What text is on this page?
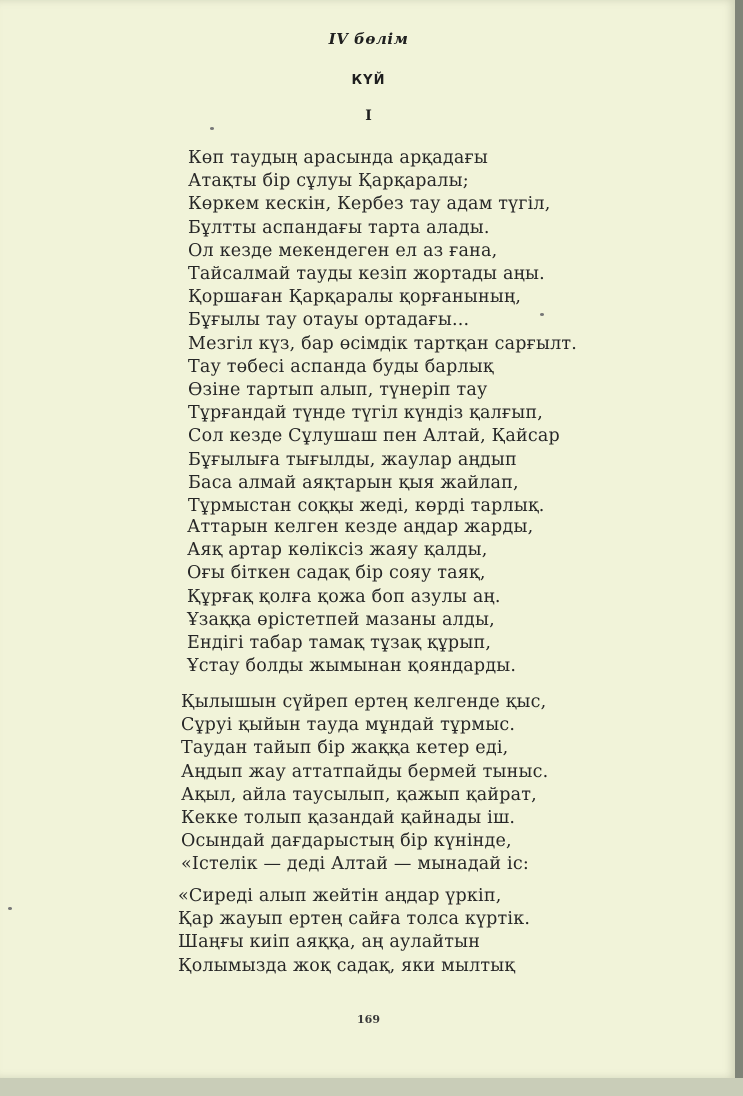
IV бөлім
КҮЙ
I
Көп таудың арасында арқадағы
Атақты бір сұлуы Қарқаралы;
Көркем кескін, Кербез тау адам түгіл,
Бұлтты аспандағы тарта алады.
Ол кезде мекендеген ел аз ғана,
Тайсалмай тауды кезіп жортады аңы.
Қоршаған Қарқаралы қорғанының,
Бұғылы тау отауы ортадағы...
Мезгіл күз, бар өсімдік тартқан сарғылт.
Тау төбесі аспанда буды барлық
Өзіне тартып алып, түнеріп тау
Тұрғандай түнде түгіл күндіз қалғып,
Сол кезде Сұлушаш пен Алтай, Қайсар
Бұғылыға тығылды, жаулар аңдып
Баса алмай аяқтарын қыя жайлап,
Тұрмыстан соққы жеді, көрді тарлық.
Аттарын келген кезде аңдар жарды,
Аяқ артар көліксіз жаяу қалды,
Оғы біткен садақ бір сояу таяқ,
Құрғақ қолға қожа боп азулы аң.
Ұзаққа өрістетпей мазаны алды,
Ендігі табар тамақ тұзақ құрып,
Ұстау болды жымынан қояндарды.
Қылышын сүйреп ертең келгенде қыс,
Сұруі қыйын тауда мұндай тұрмыс.
Таудан тайып бір жаққа кетер еді,
Аңдып жау аттатпайды бермей тыныс.
Ақыл, айла таусылып, қажып қайрат,
Кекке толып қазандай қайнады іш.
Осындай дағдарыстың бір күнінде,
«Істелік — деді Алтай — мынадай іс:
«Сиреді алып жейтін аңдар үркіп,
Қар жауып ертең сайға толса күртік.
Шаңғы киіп аяққа, аң аулайтын
Қолымызда жоқ садақ, яки мылтық
169
